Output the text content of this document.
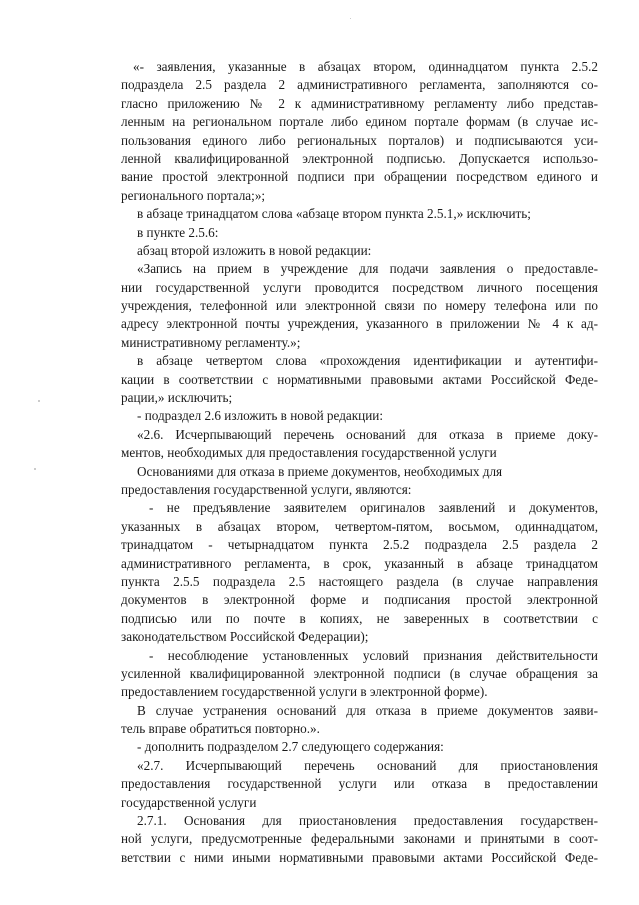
«- заявления, указанные в абзацах втором, одиннадцатом пункта 2.5.2
подраздела 2.5 раздела 2 административного регламента, заполняются со-
гласно приложению № 2 к административному регламенту либо представ-
ленным на региональном портале либо едином портале формам (в случае ис-
пользования единого либо региональных порталов) и подписываются уси-
ленной квалифицированной электронной подписью. Допускается использо-
вание простой электронной подписи при обращении посредством единого и
регионального портала;»;
в абзаце тринадцатом слова «абзаце втором пункта 2.5.1,» исключить;
в пункте 2.5.6:
абзац второй изложить в новой редакции:
«Запись на прием в учреждение для подачи заявления о предоставле-
нии государственной услуги проводится посредством личного посещения
учреждения, телефонной или электронной связи по номеру телефона или по
адресу электронной почты учреждения, указанного в приложении № 4 к ад-
министративному регламенту.»;
в абзаце четвертом слова «прохождения идентификации и аутентифи-
кации в соответствии с нормативными правовыми актами Российской Феде-
рации,» исключить;
- подраздел 2.6 изложить в новой редакции:
«2.6. Исчерпывающий перечень оснований для отказа в приеме доку-
ментов, необходимых для предоставления государственной услуги
Основаниями для отказа в приеме документов, необходимых для
предоставления государственной услуги, являются:
- не предъявление заявителем оригиналов заявлений и документов,
указанных в абзацах втором, четвертом-пятом, восьмом, одиннадцатом,
тринадцатом - четырнадцатом пункта 2.5.2 подраздела 2.5 раздела 2
административного регламента, в срок, указанный в абзаце тринадцатом
пункта 2.5.5 подраздела 2.5 настоящего раздела (в случае направления
документов в электронной форме и подписания простой электронной
подписью или по почте в копиях, не заверенных в соответствии с
законодательством Российской Федерации);
- несоблюдение установленных условий признания действительности
усиленной квалифицированной электронной подписи (в случае обращения за
предоставлением государственной услуги в электронной форме).
В случае устранения оснований для отказа в приеме документов заяви-
тель вправе обратиться повторно.».
- дополнить подразделом 2.7 следующего содержания:
«2.7. Исчерпывающий перечень оснований для приостановления
предоставления государственной услуги или отказа в предоставлении
государственной услуги
2.7.1. Основания для приостановления предоставления государствен-
ной услуги, предусмотренные федеральными законами и принятыми в соот-
ветствии с ними иными нормативными правовыми актами Российской Феде-
